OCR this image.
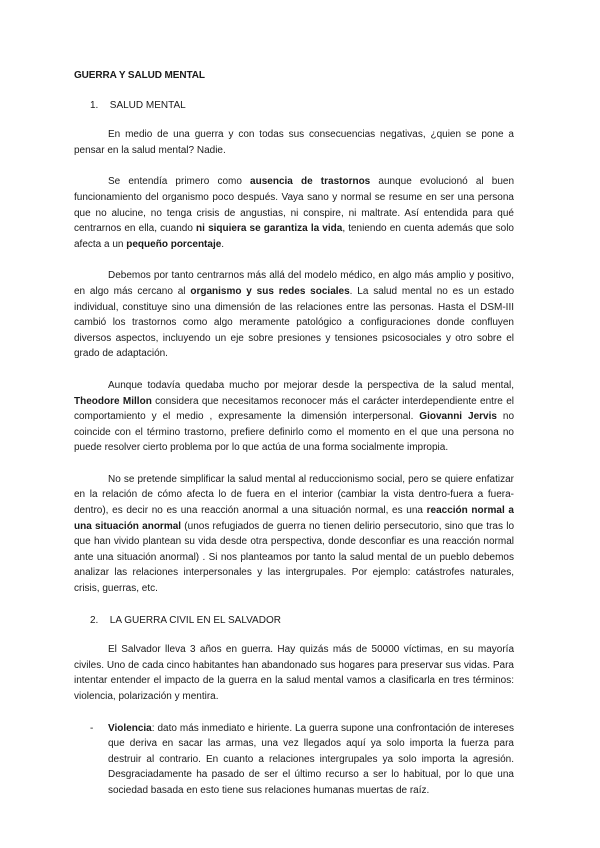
GUERRA Y SALUD MENTAL
1. SALUD MENTAL

En medio de una guerra y con todas sus consecuencias negativas, ¿quien se pone a pensar en la salud mental? Nadie.

Se entendía primero como ausencia de trastornos aunque evolucionó al buen funcionamiento del organismo poco después. Vaya sano y normal se resume en ser una persona que no alucine, no tenga crisis de angustias, ni conspire, ni maltrate. Así entendida para qué centrarnos en ella, cuando ni siquiera se garantiza la vida, teniendo en cuenta además que solo afecta a un pequeño porcentaje.

Debemos por tanto centrarnos más allá del modelo médico, en algo más amplio y positivo, en algo más cercano al organismo y sus redes sociales. La salud mental no es un estado individual, constituye sino una dimensión de las relaciones entre las personas. Hasta el DSM-III cambió los trastornos como algo meramente patológico a configuraciones donde confluyen diversos aspectos, incluyendo un eje sobre presiones y tensiones psicosociales y otro sobre el grado de adaptación.

Aunque todavía quedaba mucho por mejorar desde la perspectiva de la salud mental, Theodore Millon considera que necesitamos reconocer más el carácter interdependiente entre el comportamiento y el medio , expresamente la dimensión interpersonal. Giovanni Jervis no coincide con el término trastorno, prefiere definirlo como el momento en el que una persona no puede resolver cierto problema por lo que actúa de una forma socialmente impropia.

No se pretende simplificar la salud mental al reduccionismo social, pero se quiere enfatizar en la relación de cómo afecta lo de fuera en el interior (cambiar la vista dentro-fuera a fuera-dentro), es decir no es una reacción anormal a una situación normal, es una reacción normal a una situación anormal (unos refugiados de guerra no tienen delirio persecutorio, sino que tras lo que han vivido plantean su vida desde otra perspectiva, donde desconfiar es una reacción normal ante una situación anormal) . Si nos planteamos por tanto la salud mental de un pueblo debemos analizar las relaciones interpersonales y las intergrupales. Por ejemplo: catástrofes naturales, crisis, guerras, etc.

2. LA GUERRA CIVIL EN EL SALVADOR

El Salvador lleva 3 años en guerra. Hay quizás más de 50000 víctimas, en su mayoría civiles. Uno de cada cinco habitantes han abandonado sus hogares para preservar sus vidas. Para intentar entender el impacto de la guerra en la salud mental vamos a clasificarla en tres términos: violencia, polarización y mentira.

- Violencia: dato más inmediato e hiriente. La guerra supone una confrontación de intereses que deriva en sacar las armas, una vez llegados aquí ya solo importa la fuerza para destruir al contrario. En cuanto a relaciones intergrupales ya solo importa la agresión. Desgraciadamente ha pasado de ser el último recurso a ser lo habitual, por lo que una sociedad basada en esto tiene sus relaciones humanas muertas de raíz.
